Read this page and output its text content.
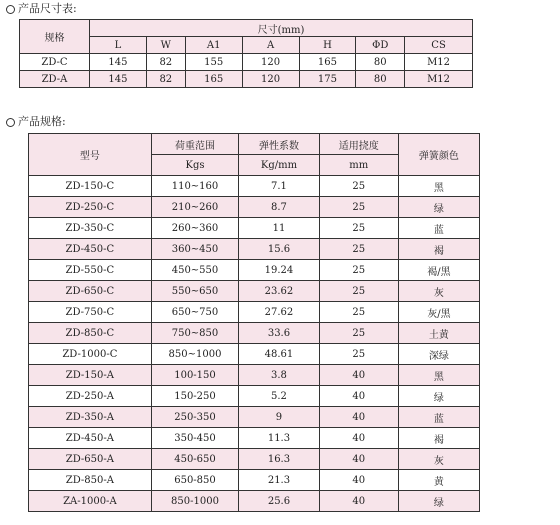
产品尺寸表:
规格	尺寸(mm)						
	L	W	A1	A	H	ΦD	CS
ZD-C	145	82	155	120	165	80	M12
ZD-A	145	82	165	120	175	80	M12
产品规格:
型号	荷重范围	弹性系数	适用挠度	弹簧颜色
	Kgs	Kg/mm	mm	
ZD-150-C	110~160	7.1	25	黑
ZD-250-C	210~260	8.7	25	绿
ZD-350-C	260~360	11	25	蓝
ZD-450-C	360~450	15.6	25	褐
ZD-550-C	450~550	19.24	25	褐/黑
ZD-650-C	550~650	23.62	25	灰
ZD-750-C	650~750	27.62	25	灰/黑
ZD-850-C	750~850	33.6	25	土黄
ZD-1000-C	850~1000	48.61	25	深绿
ZD-150-A	100-150	3.8	40	黑
ZD-250-A	150-250	5.2	40	绿
ZD-350-A	250-350	9	40	蓝
ZD-450-A	350-450	11.3	40	褐
ZD-650-A	450-650	16.3	40	灰
ZD-850-A	650-850	21.3	40	黄
ZA-1000-A	850-1000	25.6	40	绿
